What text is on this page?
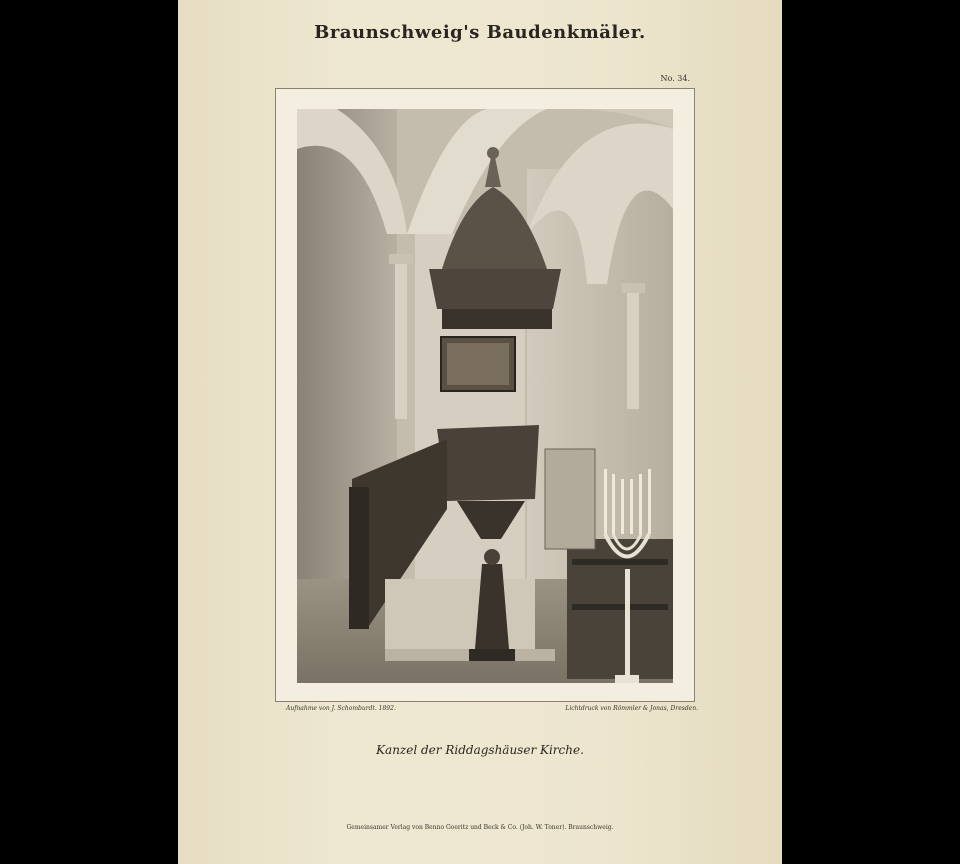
Braunschweig's Baudenkmäler.
No. 34.
Aufnahme von J. Schomburdt. 1892.	Lichtdruck von Römmler & Jonas, Dresden.
Kanzel der Riddagshäuser Kirche.
Gemeinsamer Verlag von Benno Goeritz und Beck & Co. (Joh. W. Toner). Braunschweig.
